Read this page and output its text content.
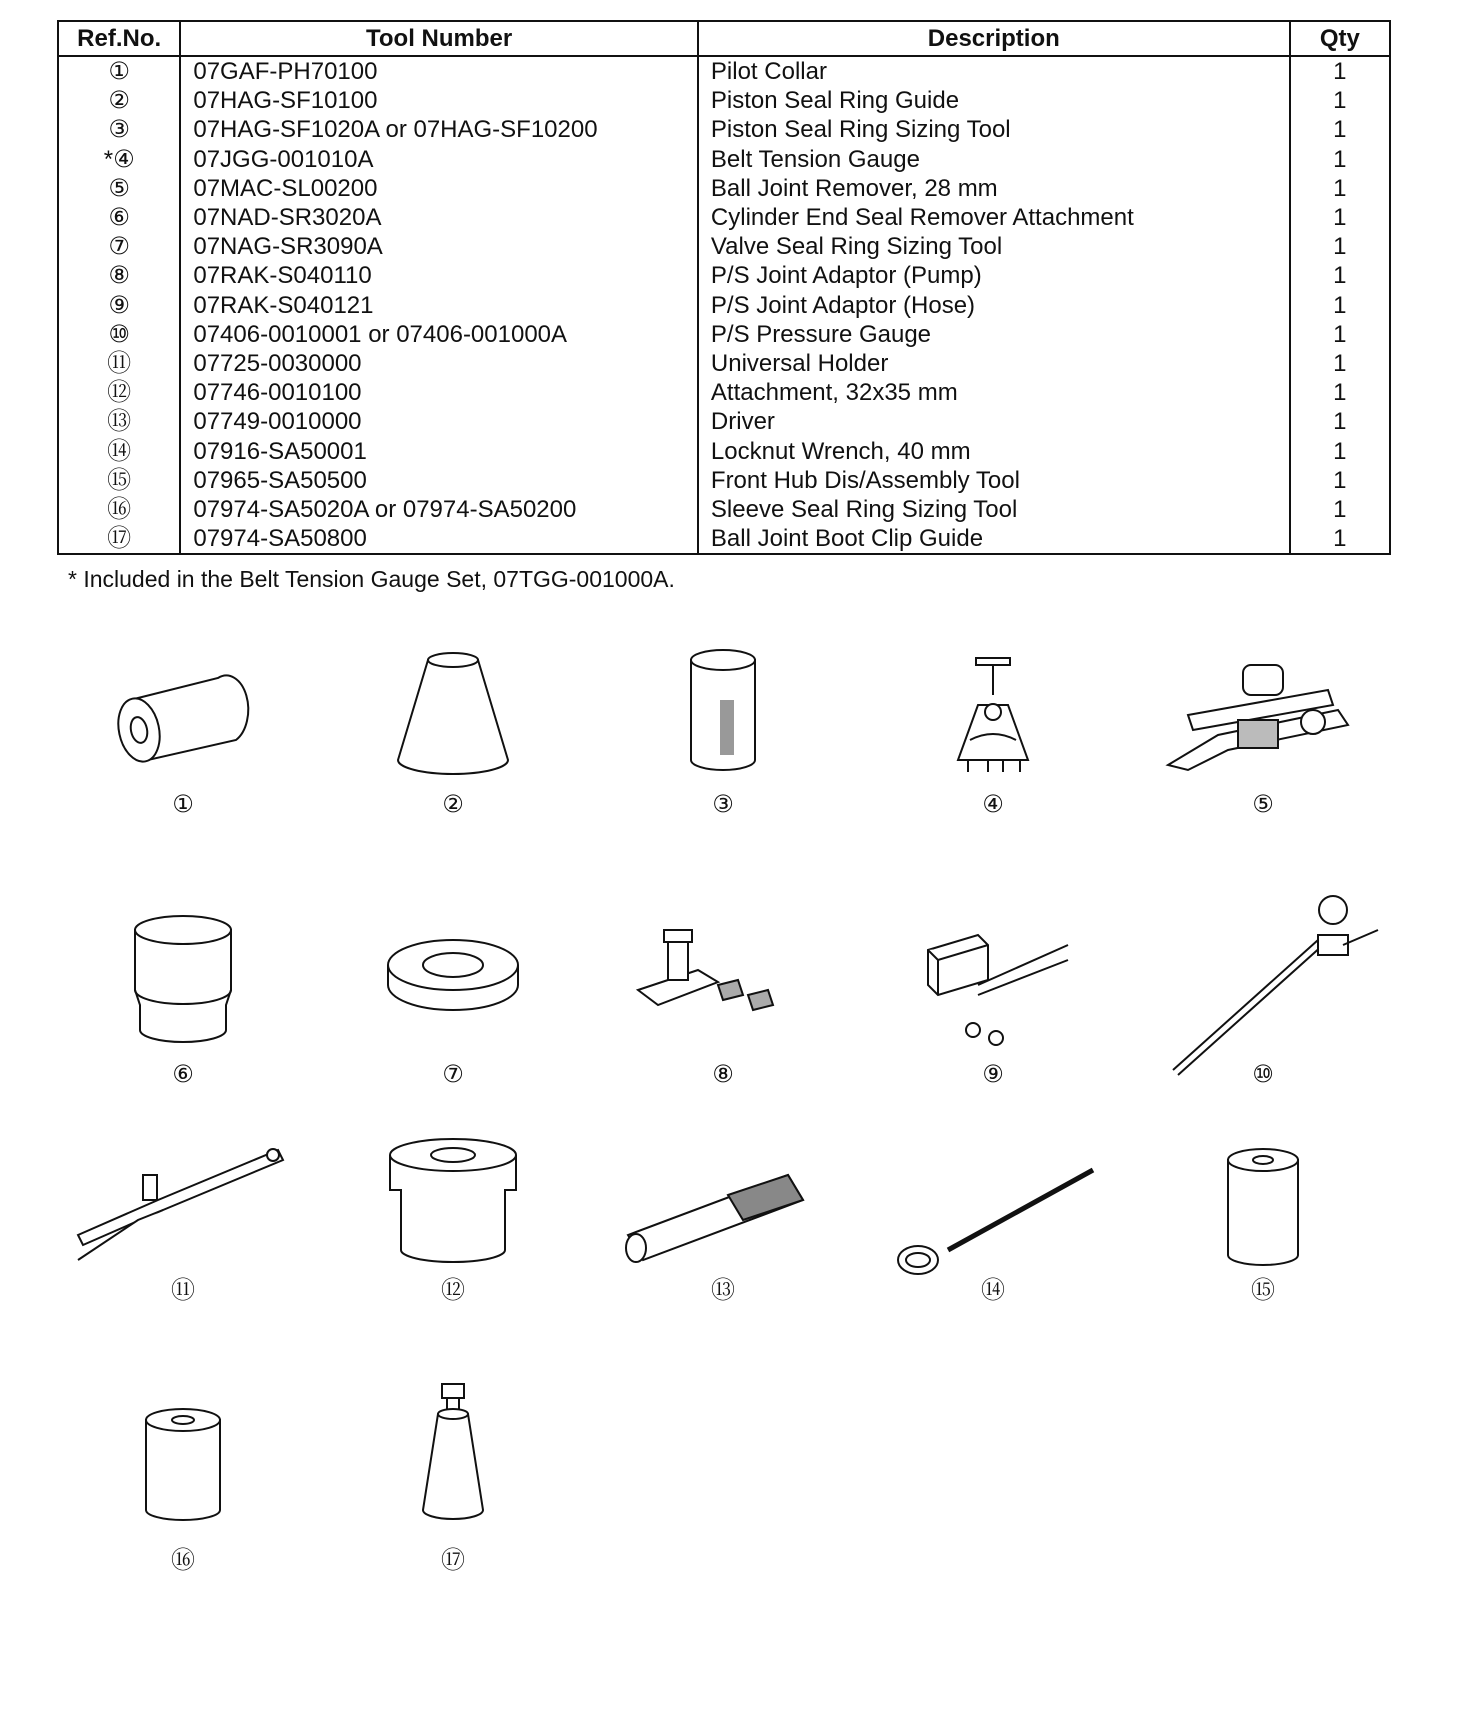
Ref.No.	Tool Number	Description	Qty
①	07GAF-PH70100	Pilot Collar	1
②	07HAG-SF10100	Piston Seal Ring Guide	1
③	07HAG-SF1020A or 07HAG-SF10200	Piston Seal Ring Sizing Tool	1
*④	07JGG-001010A	Belt Tension Gauge	1
⑤	07MAC-SL00200	Ball Joint Remover, 28 mm	1
⑥	07NAD-SR3020A	Cylinder End Seal Remover Attachment	1
⑦	07NAG-SR3090A	Valve Seal Ring Sizing Tool	1
⑧	07RAK-S040110	P/S Joint Adaptor (Pump)	1
⑨	07RAK-S040121	P/S Joint Adaptor (Hose)	1
⑩	07406-0010001 or 07406-001000A	P/S Pressure Gauge	1
⑪	07725-0030000	Universal Holder	1
⑫	07746-0010100	Attachment, 32x35 mm	1
⑬	07749-0010000	Driver	1
⑭	07916-SA50001	Locknut Wrench, 40 mm	1
⑮	07965-SA50500	Front Hub Dis/Assembly Tool	1
⑯	07974-SA5020A or 07974-SA50200	Sleeve Seal Ring Sizing Tool	1
⑰	07974-SA50800	Ball Joint Boot Clip Guide	1
* Included in the Belt Tension Gauge Set, 07TGG-001000A.
①	②	③	④	⑤
⑥	⑦	⑧	⑨	⑩
⑪	⑫	⑬	⑭	⑮
⑯	⑰
